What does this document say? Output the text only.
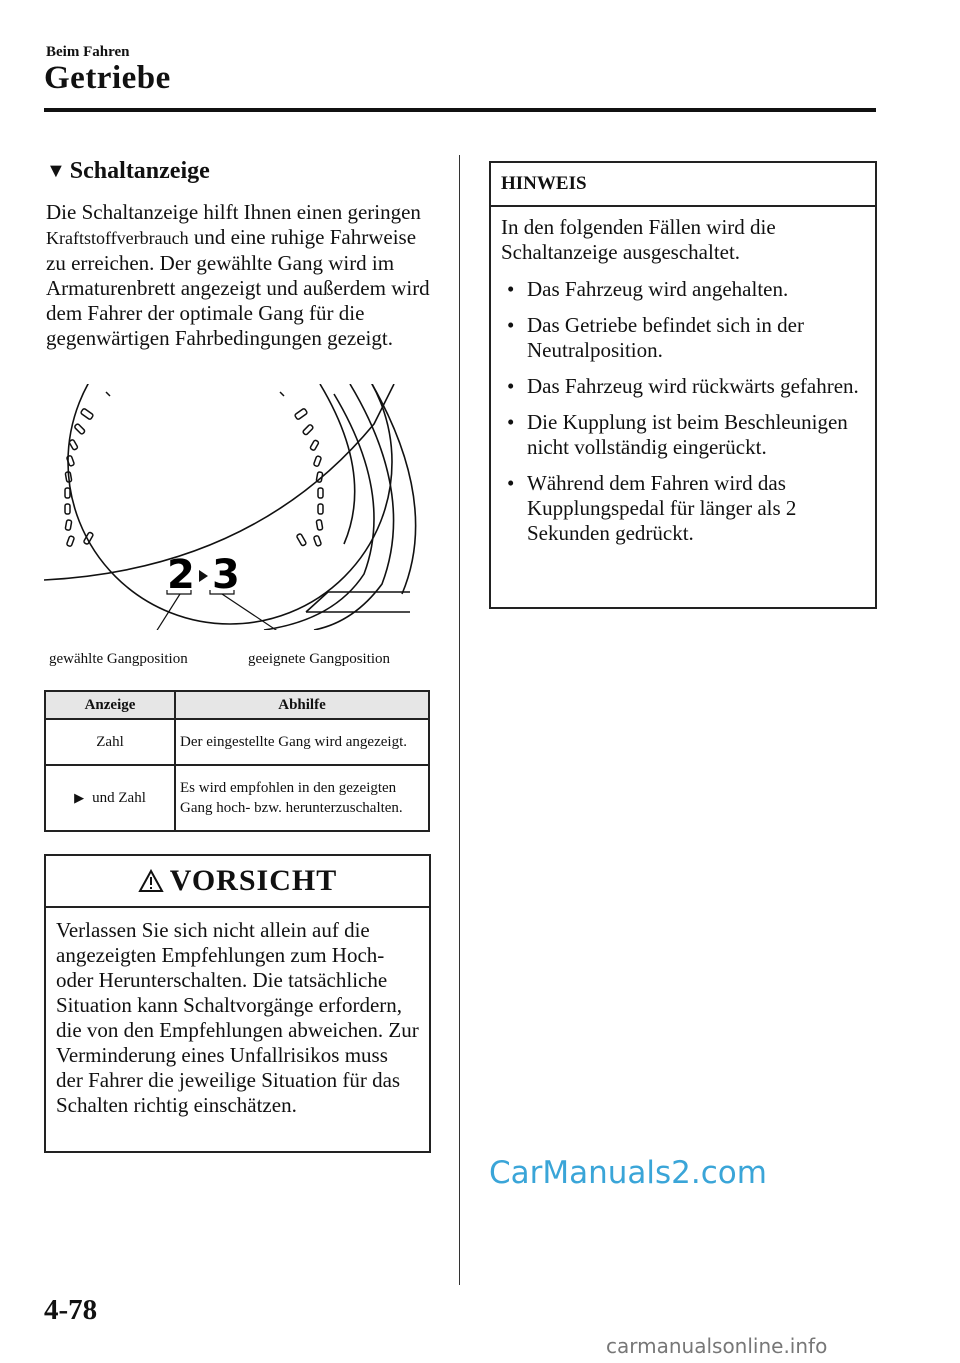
Beim Fahren
Getriebe
▼ Schaltanzeige
Die Schaltanzeige hilft Ihnen einen geringen Kraftstoffverbrauch und eine ruhige Fahrweise zu erreichen. Der gewählte Gang wird im Armaturenbrett angezeigt und außerdem wird dem Fahrer der optimale Gang für die gegenwärtigen Fahrbedingungen gezeigt.
2 3
gewählte Gangposition	geeignete Gangposition
Anzeige	Abhilfe
Zahl	Der eingestellte Gang wird angezeigt.
▶ und Zahl	Es wird empfohlen in den gezeigten Gang hoch- bzw. herunterzuschalten.
VORSICHT
Verlassen Sie sich nicht allein auf die angezeigten Empfehlungen zum Hoch- oder Herunterschalten. Die tatsächliche Situation kann Schaltvorgänge erfordern, die von den Empfehlungen abweichen. Zur Verminderung eines Unfallrisikos muss der Fahrer die jeweilige Situation für das Schalten richtig einschätzen.
HINWEIS
In den folgenden Fällen wird die Schaltanzeige ausgeschaltet.
• Das Fahrzeug wird angehalten.
• Das Getriebe befindet sich in der Neutralposition.
• Das Fahrzeug wird rückwärts gefahren.
• Die Kupplung ist beim Beschleunigen nicht vollständig eingerückt.
• Während dem Fahren wird das Kupplungspedal für länger als 2 Sekunden gedrückt.
CarManuals2.com
4-78
carmanualsonline.info
